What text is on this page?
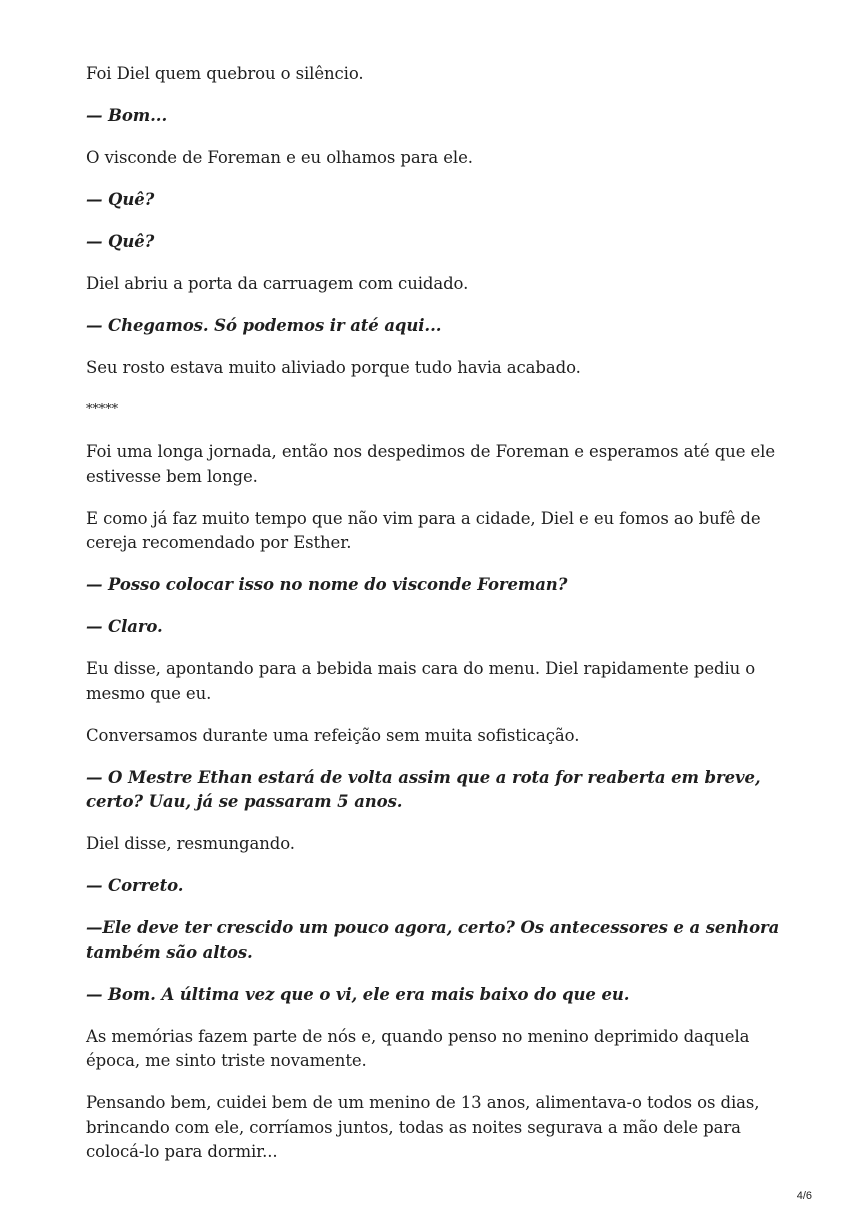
Foi Diel quem quebrou o silêncio.

— Bom...

O visconde de Foreman e eu olhamos para ele.

— Quê?

— Quê?

Diel abriu a porta da carruagem com cuidado.

— Chegamos. Só podemos ir até aqui...

Seu rosto estava muito aliviado porque tudo havia acabado.

*****

Foi uma longa jornada, então nos despedimos de Foreman e esperamos até que ele estivesse bem longe.

E como já faz muito tempo que não vim para a cidade, Diel e eu fomos ao bufê de cereja recomendado por Esther.

— Posso colocar isso no nome do visconde Foreman?

— Claro.

Eu disse, apontando para a bebida mais cara do menu. Diel rapidamente pediu o mesmo que eu.

Conversamos durante uma refeição sem muita sofisticação.

— O Mestre Ethan estará de volta assim que a rota for reaberta em breve, certo? Uau, já se passaram 5 anos.

Diel disse, resmungando.

— Correto.

—Ele deve ter crescido um pouco agora, certo? Os antecessores e a senhora também são altos.

— Bom. A última vez que o vi, ele era mais baixo do que eu.

As memórias fazem parte de nós e, quando penso no menino deprimido daquela época, me sinto triste novamente.

Pensando bem, cuidei bem de um menino de 13 anos, alimentava-o todos os dias, brincando com ele, corríamos juntos, todas as noites segurava a mão dele para colocá-lo para dormir...

4/6
